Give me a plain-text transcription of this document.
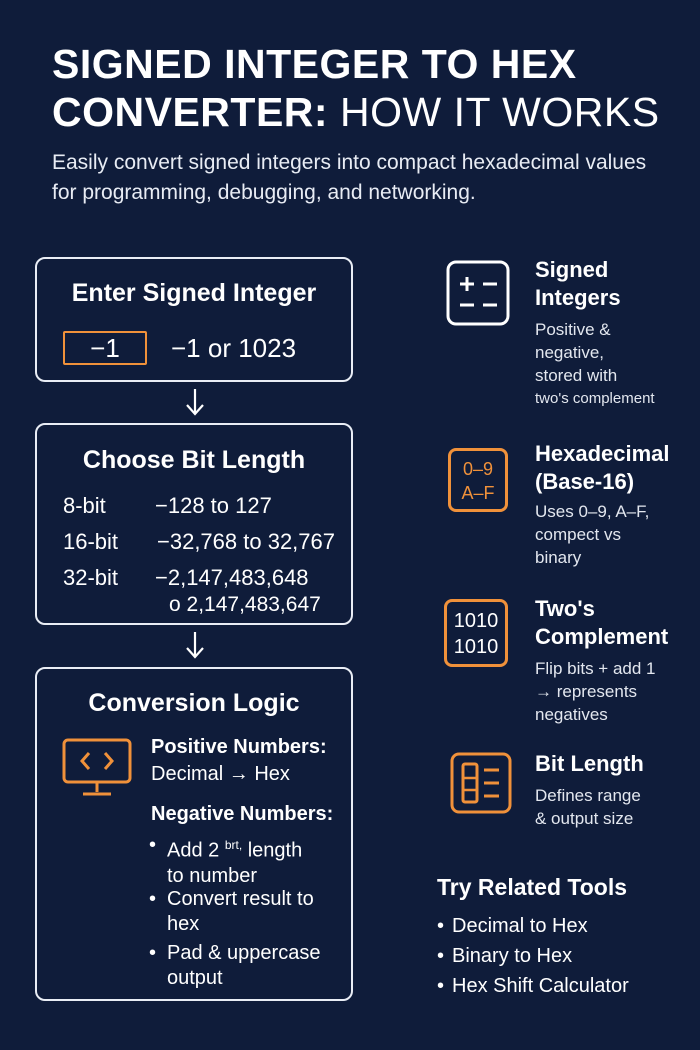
SIGNED INTEGER TO HEX
CONVERTER: HOW IT WORKS

Easily convert signed integers into compact hexadecimal values for programming, debugging, and networking.

Enter Signed Integer
−1	−1 or 1023
Choose Bit Length
8-bit −128 to 127
16-bit −32,768 to 32,767
32-bit −2,147,483,648
ο 2,147,483,647
Conversion Logic
Positive Numbers:
Decimal → Hex
Negative Numbers:
• Add 2 $^{brt,}$ length
to number
• Convert result to
hex
• Pad & uppercase
output
Signed Integers
Positive &
negative,
stored with
two's complement
0–9
A–F
Hexadecimal (Base-16)
Uses 0–9, A–F,
compect vs
binary
1010
1010
Two's Complement
Flip bits + add 1
→ represents
negatives
Bit Length
Defines range
& output size
Try Related Tools
• Decimal to Hex
• Binary to Hex
• Hex Shift Calculator
